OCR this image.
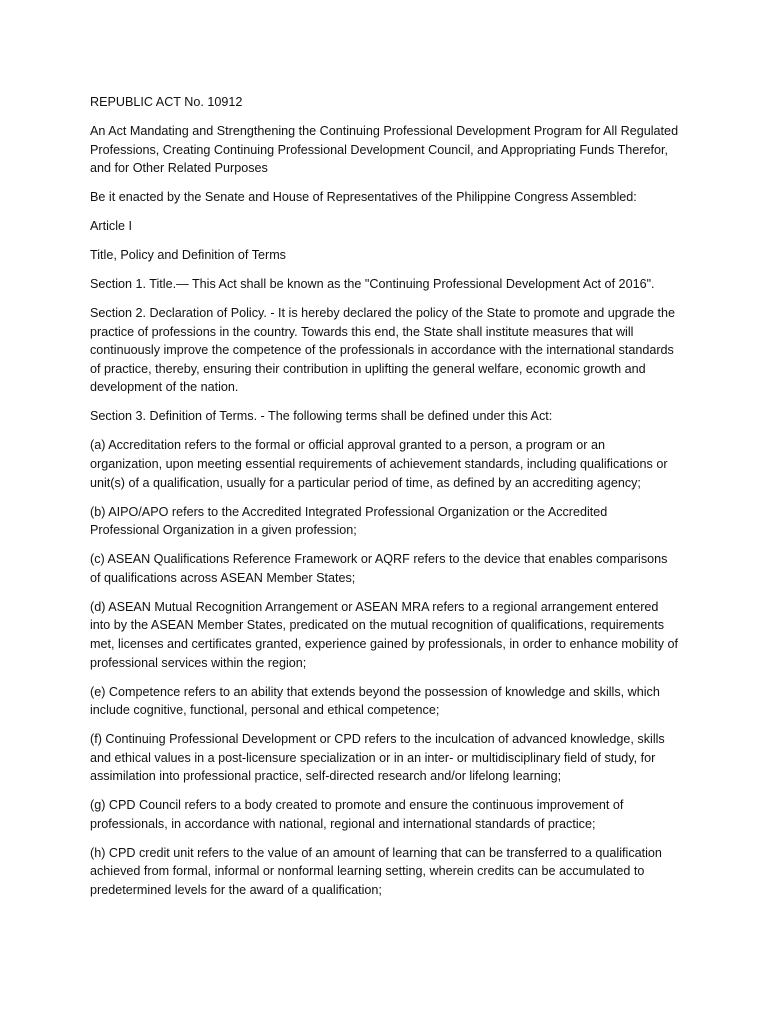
REPUBLIC ACT No. 10912

An Act Mandating and Strengthening the Continuing Professional Development Program for All Regulated Professions, Creating Continuing Professional Development Council, and Appropriating Funds Therefor, and for Other Related Purposes

Be it enacted by the Senate and House of Representatives of the Philippine Congress Assembled:

Article I

Title, Policy and Definition of Terms

Section 1. Title.— This Act shall be known as the "Continuing Professional Development Act of 2016".

Section 2. Declaration of Policy. - It is hereby declared the policy of the State to promote and upgrade the practice of professions in the country. Towards this end, the State shall institute measures that will continuously improve the competence of the professionals in accordance with the international standards of practice, thereby, ensuring their contribution in uplifting the general welfare, economic growth and development of the nation.

Section 3. Definition of Terms. - The following terms shall be defined under this Act:

(a) Accreditation refers to the formal or official approval granted to a person, a program or an organization, upon meeting essential requirements of achievement standards, including qualifications or unit(s) of a qualification, usually for a particular period of time, as defined by an accrediting agency;

(b) AIPO/APO refers to the Accredited Integrated Professional Organization or the Accredited Professional Organization in a given profession;

(c) ASEAN Qualifications Reference Framework or AQRF refers to the device that enables comparisons of qualifications across ASEAN Member States;

(d) ASEAN Mutual Recognition Arrangement or ASEAN MRA refers to a regional arrangement entered into by the ASEAN Member States, predicated on the mutual recognition of qualifications, requirements met, licenses and certificates granted, experience gained by professionals, in order to enhance mobility of professional services within the region;

(e) Competence refers to an ability that extends beyond the possession of knowledge and skills, which include cognitive, functional, personal and ethical competence;

(f) Continuing Professional Development or CPD refers to the inculcation of advanced knowledge, skills and ethical values in a post-licensure specialization or in an inter- or multidisciplinary field of study, for assimilation into professional practice, self-directed research and/or lifelong learning;

(g) CPD Council refers to a body created to promote and ensure the continuous improvement of professionals, in accordance with national, regional and international standards of practice;

(h) CPD credit unit refers to the value of an amount of learning that can be transferred to a qualification achieved from formal, informal or nonformal learning setting, wherein credits can be accumulated to predetermined levels for the award of a qualification;
